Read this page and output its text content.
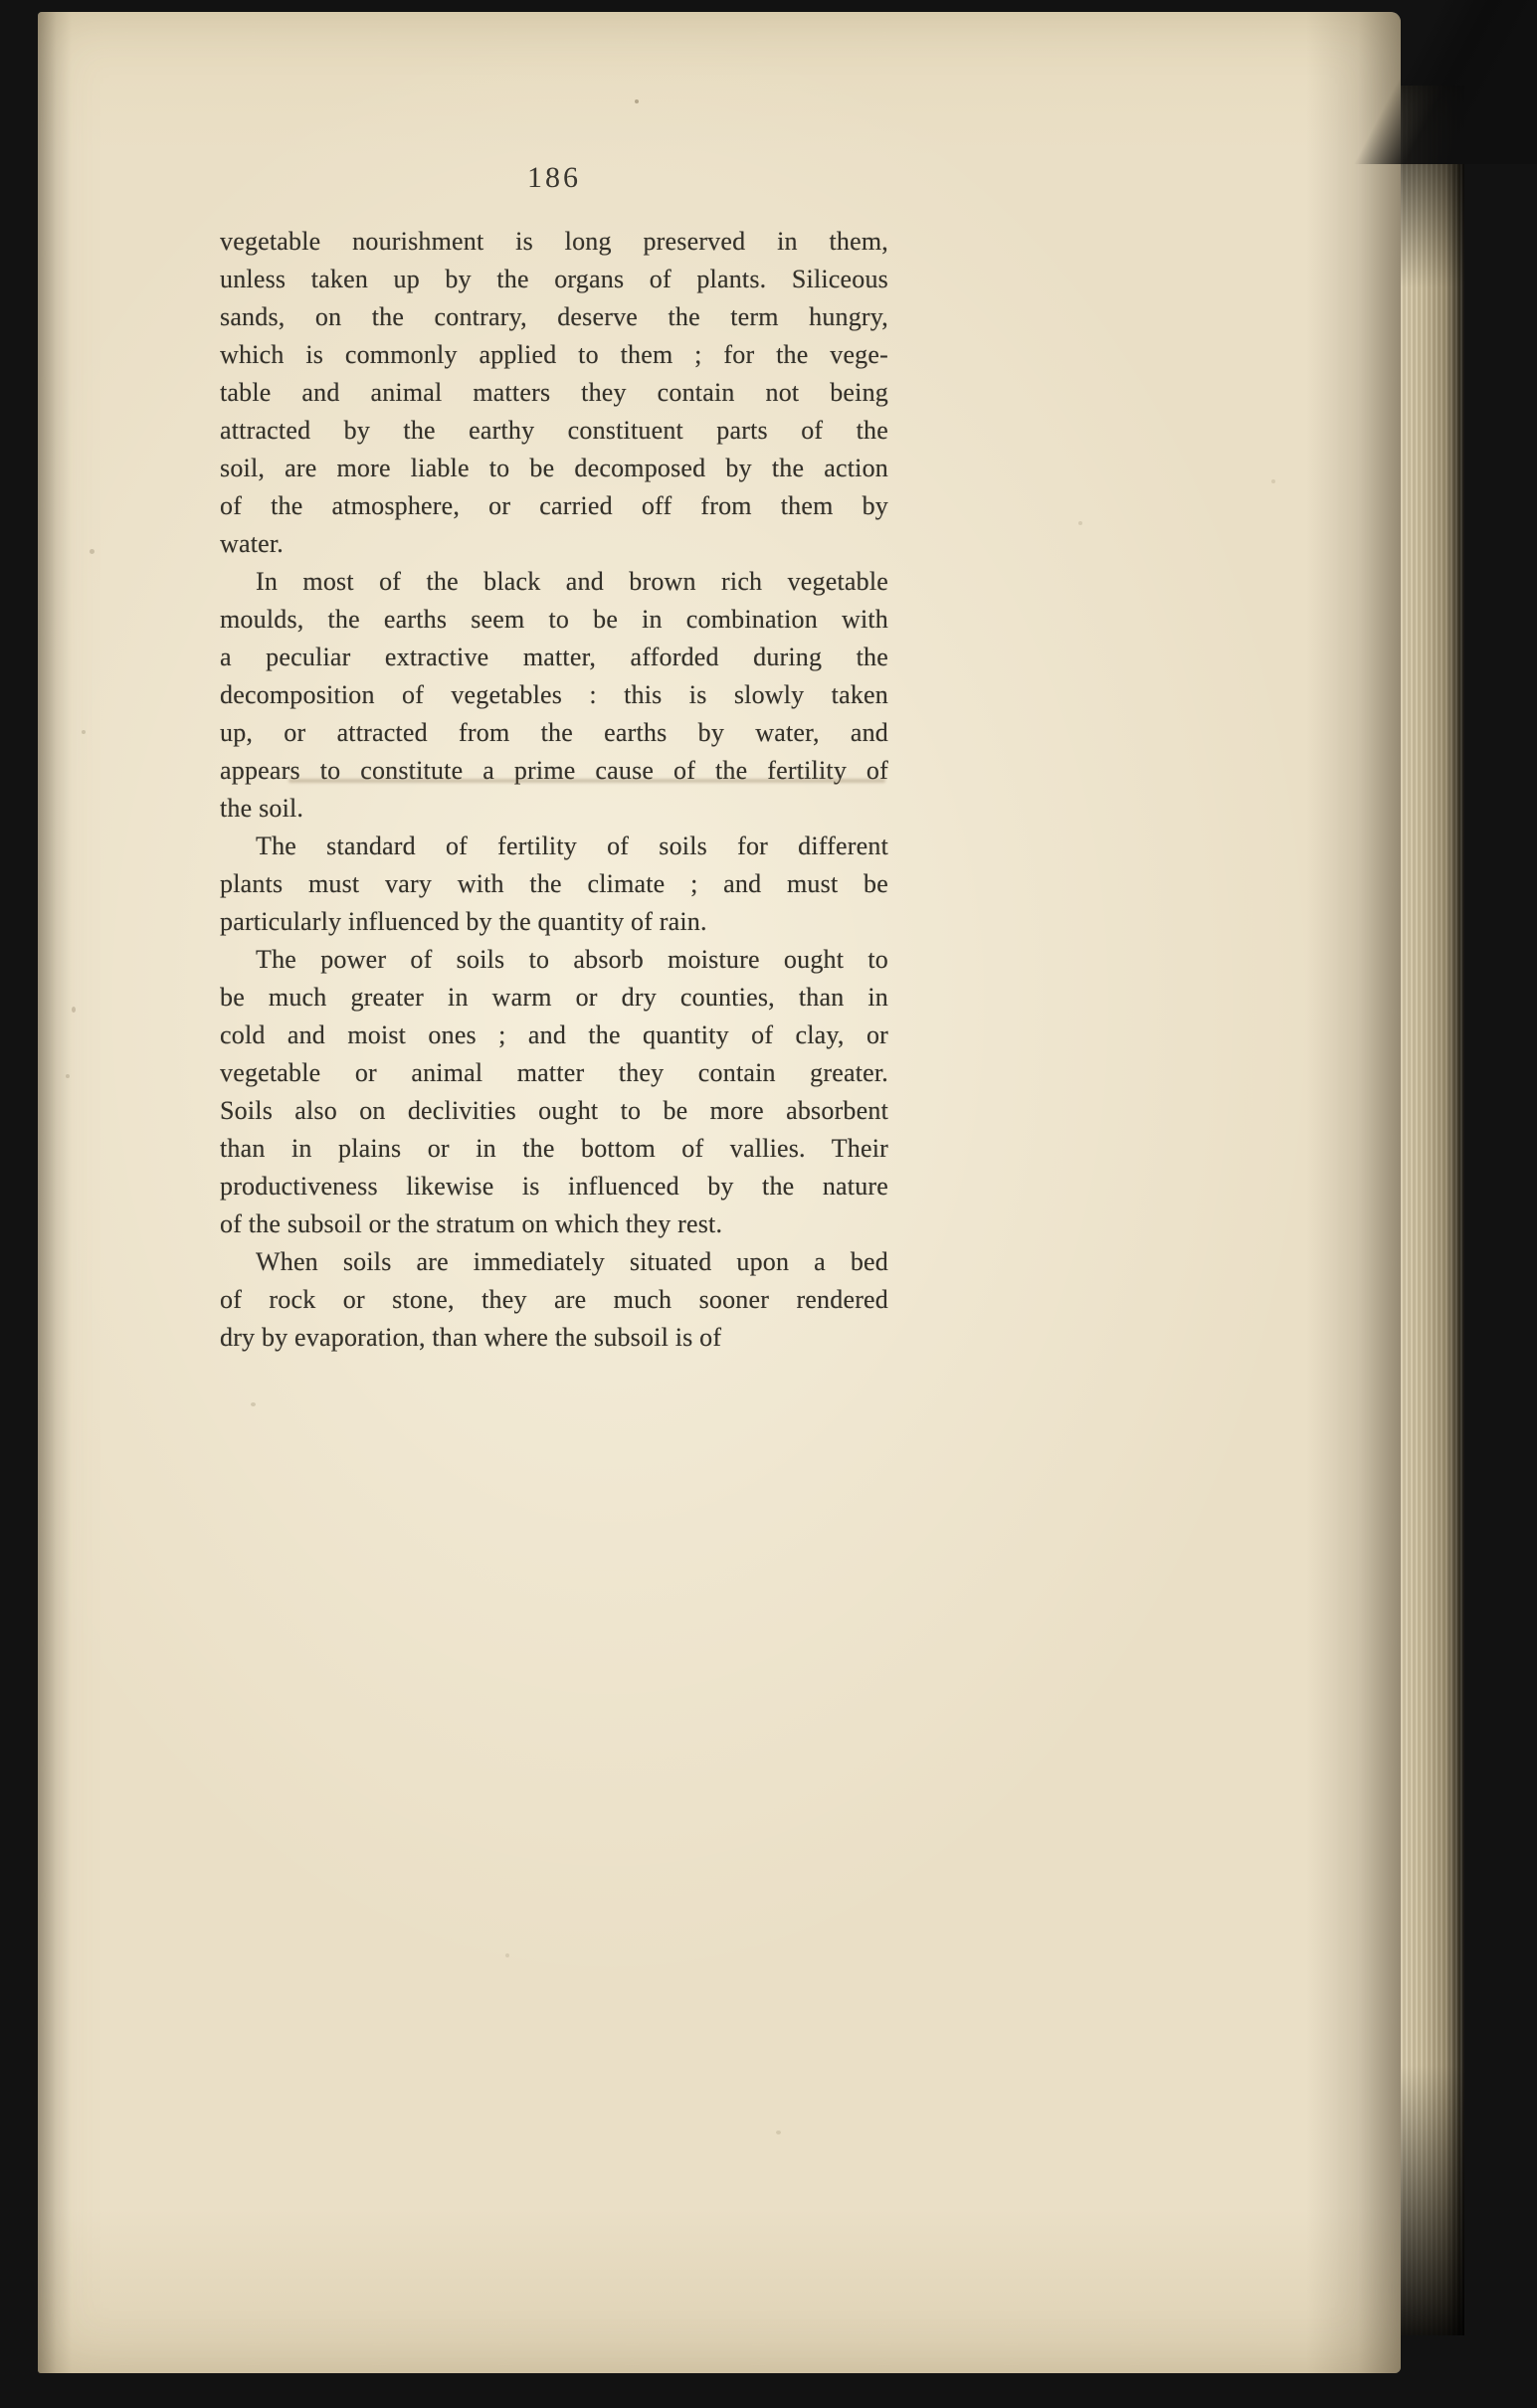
186
vegetable nourishment is long preserved in them,
unless taken up by the organs of plants. Siliceous
sands, on the contrary, deserve the term hungry,
which is commonly applied to them ; for the vege-
table and animal matters they contain not being
attracted by the earthy constituent parts of the
soil, are more liable to be decomposed by the action
of the atmosphere, or carried off from them by
water.
In most of the black and brown rich vegetable
moulds, the earths seem to be in combination with
a peculiar extractive matter, afforded during the
decomposition of vegetables : this is slowly taken
up, or attracted from the earths by water, and
appears to constitute a prime cause of the fertility of
the soil.
The standard of fertility of soils for different
plants must vary with the climate ; and must be
particularly influenced by the quantity of rain.
The power of soils to absorb moisture ought to
be much greater in warm or dry counties, than in
cold and moist ones ; and the quantity of clay, or
vegetable or animal matter they contain greater.
Soils also on declivities ought to be more absorbent
than in plains or in the bottom of vallies. Their
productiveness likewise is influenced by the nature
of the subsoil or the stratum on which they rest.
When soils are immediately situated upon a bed
of rock or stone, they are much sooner rendered
dry by evaporation, than where the subsoil is of
